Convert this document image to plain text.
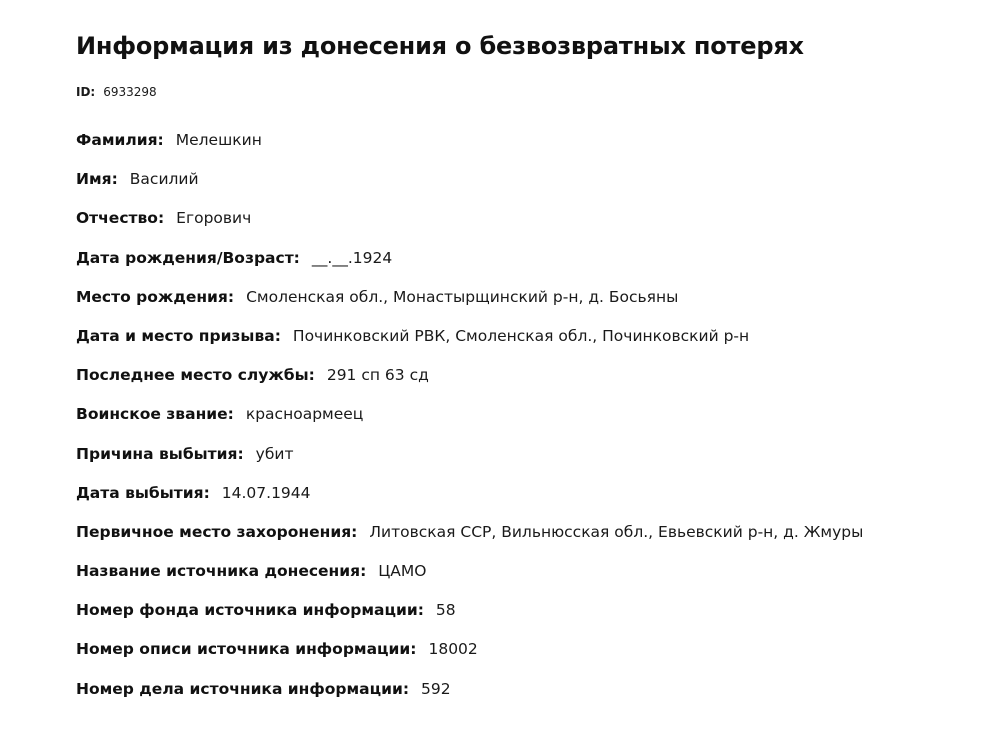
Информация из донесения о безвозвратных потерях
ID: 6933298
Фамилия: Мелешкин
Имя: Василий
Отчество: Егорович
Дата рождения/Возраст: __.__.1924
Место рождения: Смоленская обл., Монастырщинский р-н, д. Босьяны
Дата и место призыва: Починковский РВК, Смоленская обл., Починковский р-н
Последнее место службы: 291 сп 63 сд
Воинское звание: красноармеец
Причина выбытия: убит
Дата выбытия: 14.07.1944
Первичное место захоронения: Литовская ССР, Вильнюсская обл., Евьевский р-н, д. Жмуры
Название источника донесения: ЦАМО
Номер фонда источника информации: 58
Номер описи источника информации: 18002
Номер дела источника информации: 592
